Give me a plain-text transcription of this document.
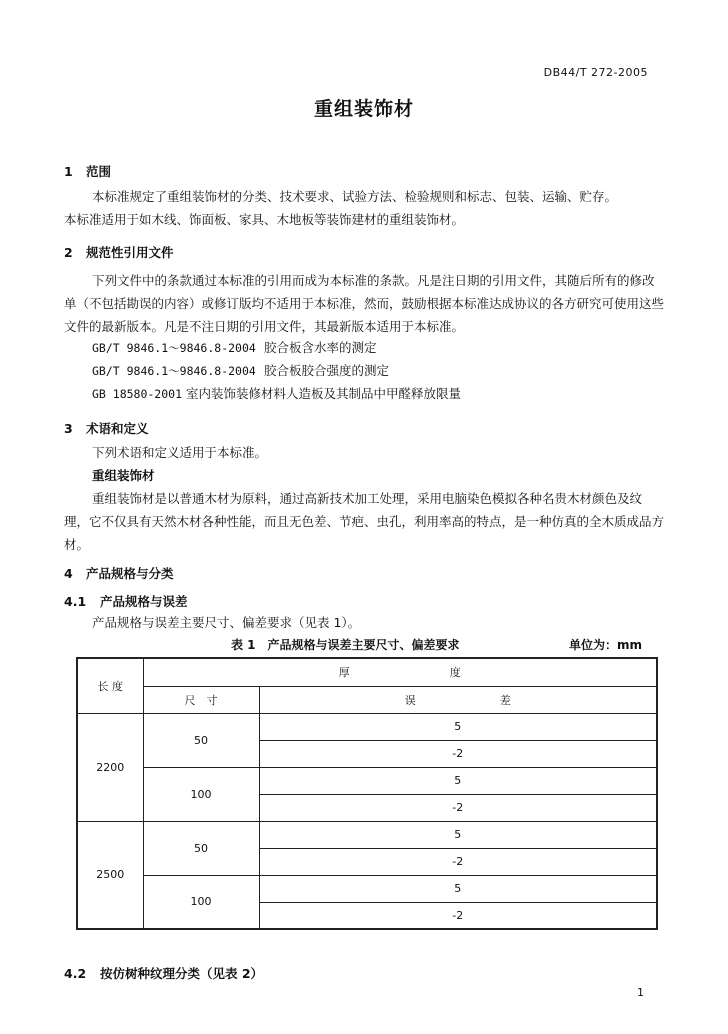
DB44/T 272-2005
重组装饰材
1 范围
本标准规定了重组装饰材的分类、技术要求、试验方法、检验规则和标志、包装、运输、贮存。
本标准适用于如木线、饰面板、家具、木地板等装饰建材的重组装饰材。
2 规范性引用文件
下列文件中的条款通过本标准的引用而成为本标准的条款。凡是注日期的引用文件，其随后所有的修改单（不包括勘误的内容）或修订版均不适用于本标准，然而，鼓励根据本标准达成协议的各方研究可使用这些文件的最新版本。凡是不注日期的引用文件，其最新版本适用于本标准。
GB/T 9846.1～9846.8-2004 胶合板含水率的测定
GB/T 9846.1～9846.8-2004 胶合板胶合强度的测定
GB 18580-2001 室内装饰装修材料人造板及其制品中甲醛释放限量
3 术语和定义
下列术语和定义适用于本标准。
重组装饰材
重组装饰材是以普通木材为原料，通过高新技术加工处理，采用电脑染色模拟各种名贵木材颜色及纹理，它不仅具有天然木材各种性能，而且无色差、节疤、虫孔，利用率高的特点，是一种仿真的全木质成品方材。
4 产品规格与分类
4.1 产品规格与误差
产品规格与误差主要尺寸、偏差要求（见表 1）。
表 1　产品规格与误差主要尺寸、偏差要求	单位为：mm
长 度	厚 度	
	尺　寸	误 差
2200	50	5
		-2
	100	5
		-2
2500	50	5
		-2
	100	5
		-2
4.2 按仿树种纹理分类（见表 2）
1
